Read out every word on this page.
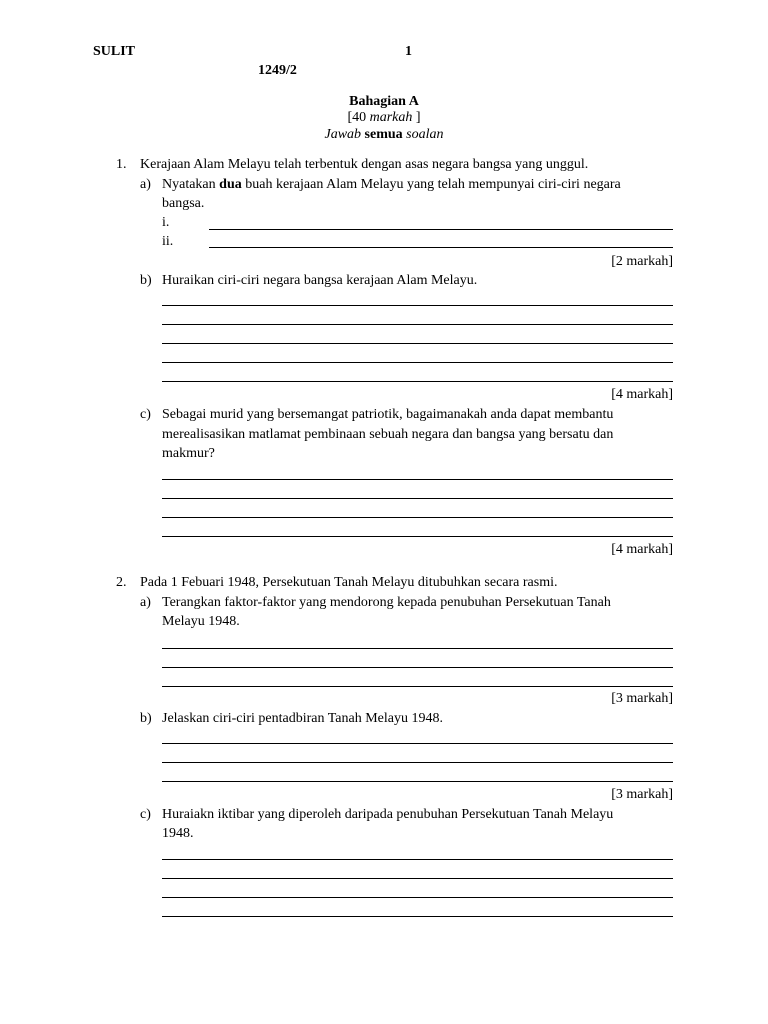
SULIT	1
1249/2
Bahagian A
[40 markah ]
Jawab semua soalan
1. Kerajaan Alam Melayu telah terbentuk dengan asas negara bangsa yang unggul.
a) Nyatakan dua buah kerajaan Alam Melayu yang telah mempunyai ciri-ciri negara
bangsa.
i.
ii.
[2 markah]
b) Huraikan ciri-ciri negara bangsa kerajaan Alam Melayu.
[4 markah]
c) Sebagai murid yang bersemangat patriotik, bagaimanakah anda dapat membantu
merealisasikan matlamat pembinaan sebuah negara dan bangsa yang bersatu dan
makmur?
[4 markah]
2. Pada 1 Febuari 1948, Persekutuan Tanah Melayu ditubuhkan secara rasmi.
a) Terangkan faktor-faktor yang mendorong kepada penubuhan Persekutuan Tanah
Melayu 1948.
[3 markah]
b) Jelaskan ciri-ciri pentadbiran Tanah Melayu 1948.
[3 markah]
c) Huraiakn iktibar yang diperoleh daripada penubuhan Persekutuan Tanah Melayu
1948.
